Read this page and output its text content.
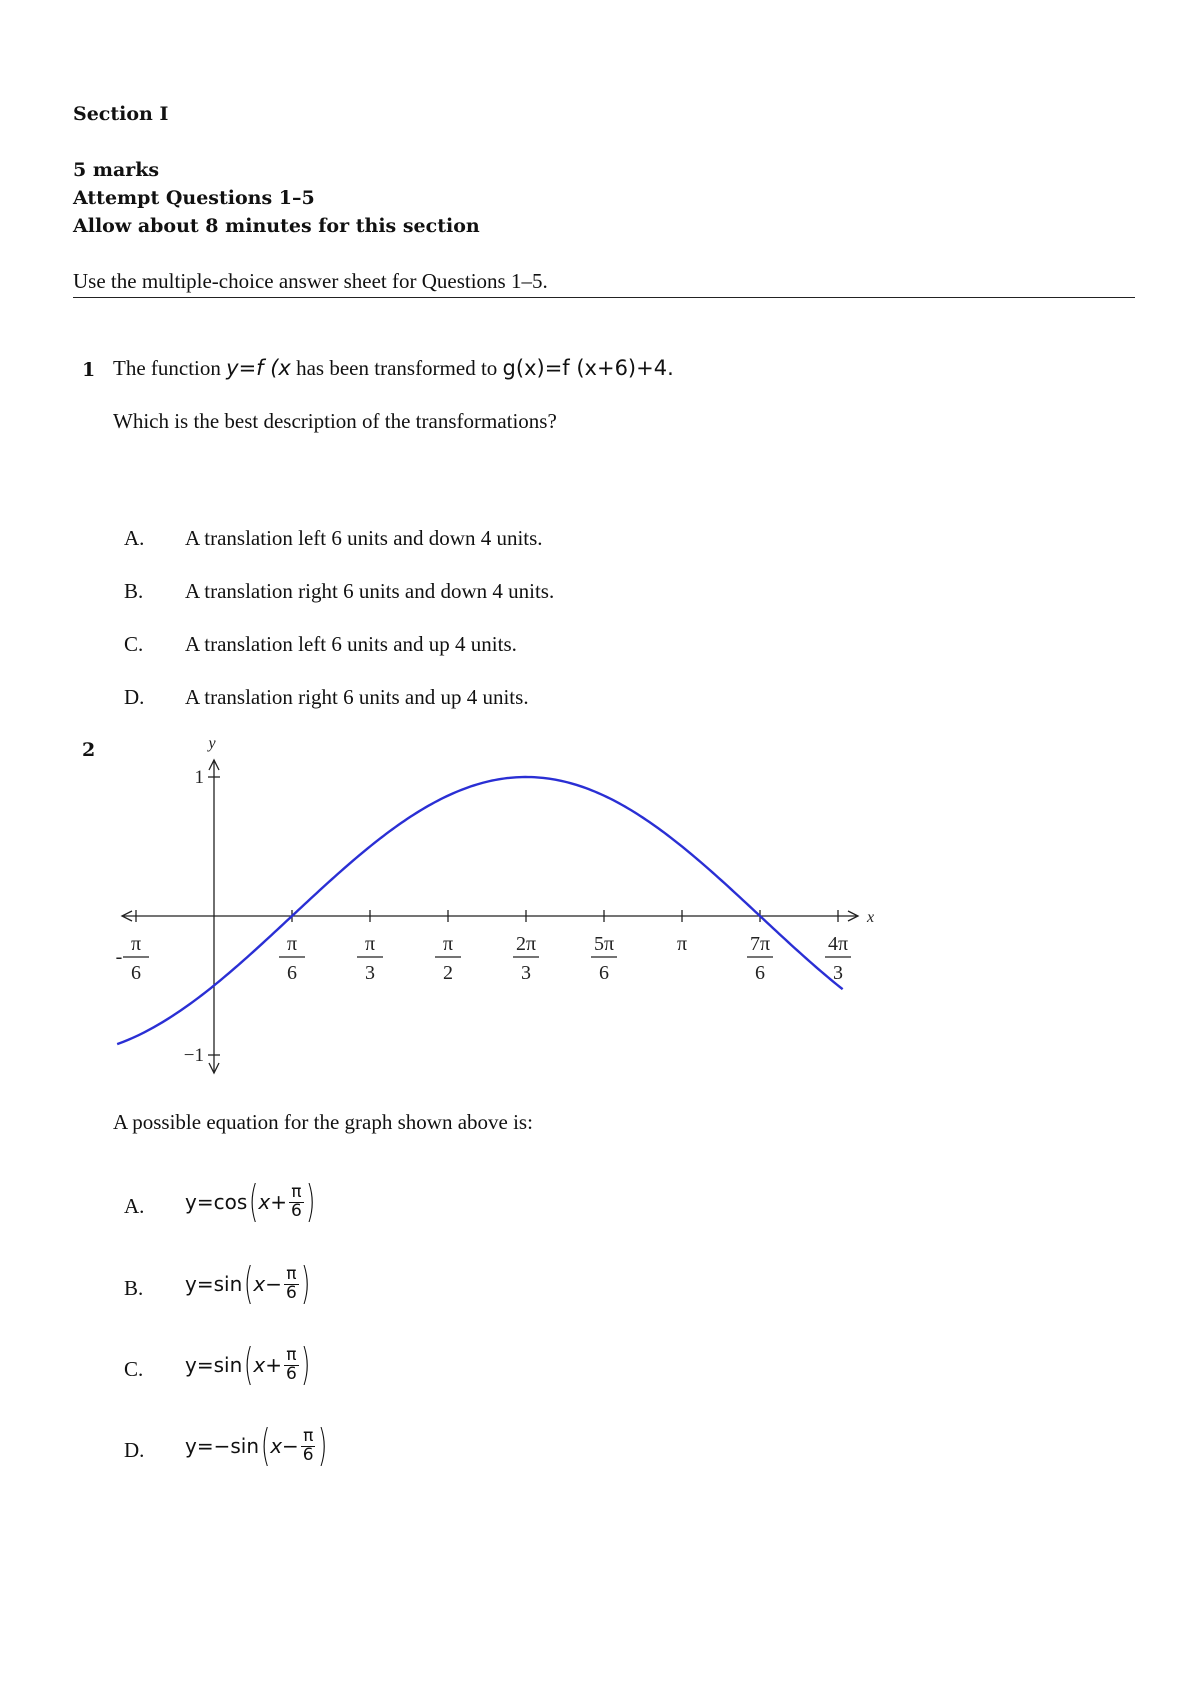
Section I
5 marks
Attempt Questions 1–5
Allow about 8 minutes for this section
Use the multiple-choice answer sheet for Questions 1–5.
1 The function y=f (x has been transformed to g(x)=f (x+6)+4.
Which is the best description of the transformations?
A. A translation left 6 units and down 4 units.
B. A translation right 6 units and down 4 units.
C. A translation left 6 units and up 4 units.
D. A translation right 6 units and up 4 units.
2
x
y
1
−1
π
6
-
π
6
π
3
π
2
2π
3
5π
6
π	7π
6
4π
3
A possible equation for the graph shown above is:
A. y=cos ( $x+ \frac{\pi}{6}$ )
B. y=sin ( $x- \frac{\pi}{6}$ )
C. y=sin ( $x+ \frac{\pi}{6}$ )
D. y=−sin ( $x- \frac{\pi}{6}$ )
